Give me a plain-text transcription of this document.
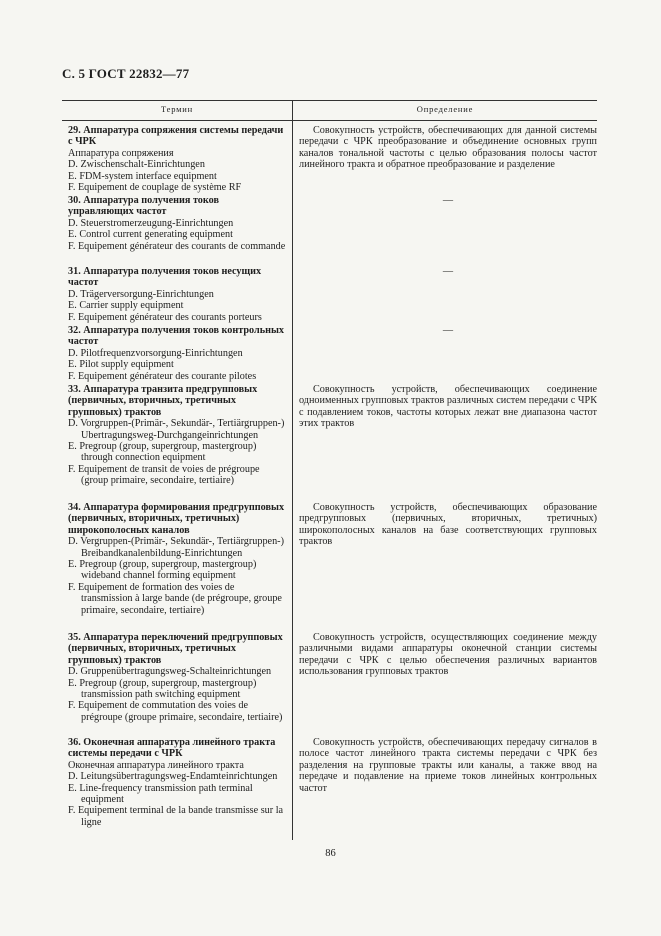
С. 5 ГОСТ 22832—77
Термин	Определение
29. Аппаратура сопряжения системы передачи с ЧРК
Аппаратура сопряжения
D. Zwischenschalt-Einrichtungen
E. FDM-system interface equipment
F. Equipement de couplage de système RF
Совокупность устройств, обеспечивающих для данной системы передачи с ЧРК преобразование и объединение основных групп каналов тональной частоты с целью образования полосы частот линейного тракта и обратное преобразование и разделение
30. Аппаратура получения токов управляющих частот
D. Steuerstromerzeugung-Einrichtungen
E. Control current generating equipment
F. Equipement générateur des courants de commande
—
31. Аппаратура получения токов несущих частот
D. Trägerversorgung-Einrichtungen
E. Carrier supply equipment
F. Equipement générateur des courants porteurs
—
32. Аппаратура получения токов контрольных частот
D. Pilotfrequenzvorsorgung-Einrichtungen
E. Pilot supply equipment
F. Equipement générateur des courante pilotes
—
33. Аппаратура транзита предгрупповых (первичных, вторичных, третичных групповых) трактов
D. Vorgruppen-(Primär-, Sekundär-, Tertiärgruppen-) Ubertragungsweg-Durchgangeinrichtungen
E. Pregroup (group, supergroup, mastergroup) through connection equipment
F. Equipement de transit de voies de prégroupe (group primaire, secondaire, tertiaire)
Совокупность устройств, обеспечивающих соединение одноименных групповых трактов различных систем передачи с ЧРК с подавлением токов, частоты которых лежат вне диапазона частот этих трактов
34. Аппаратура формирования предгрупповых (первичных, вторичных, третичных) широкополосных каналов
D. Vergruppen-(Primär-, Sekundär-, Tertiärgruppen-) Breibandkanalenbildung-Einrichtungen
E. Pregroup (group, supergroup, mastergroup) wideband channel forming equipment
F. Equipement de formation des voies de transmission à large bande (de prégroupe, groupe primaire, secondaire, tertiaire)
Совокупность устройств, обеспечивающих образование предгрупповых (первичных, вторичных, третичных) широкополосных каналов на базе соответствующих групповых трактов
35. Аппаратура переключений предгрупповых (первичных, вторичных, третичных групповых) трактов
D. Gruppenübertragungsweg-Schalteinrichtungen
E. Pregroup (group, supergroup, mastergroup) transmission path switching equipment
F. Equipement de commutation des voies de prégroupe (groupe primaire, secondaire, tertiaire)
Совокупность устройств, осуществляющих соединение между различными видами аппаратуры оконечной станции системы передачи с ЧРК с целью обеспечения различных вариантов использования групповых трактов
36. Оконечная аппаратура линейного тракта системы передачи с ЧРК
Оконечная аппаратура линейного тракта
D. Leitungsübertragungsweg-Endamteinrichtungen
E. Line-frequency transmission path terminal equipment
F. Equipement terminal de la bande transmisse sur la ligne
Совокупность устройств, обеспечивающих передачу сигналов в полосе частот линейного тракта системы передачи с ЧРК без разделения на групповые тракты или каналы, а также ввод на передаче и подавление на приеме токов линейных контрольных частот
86
